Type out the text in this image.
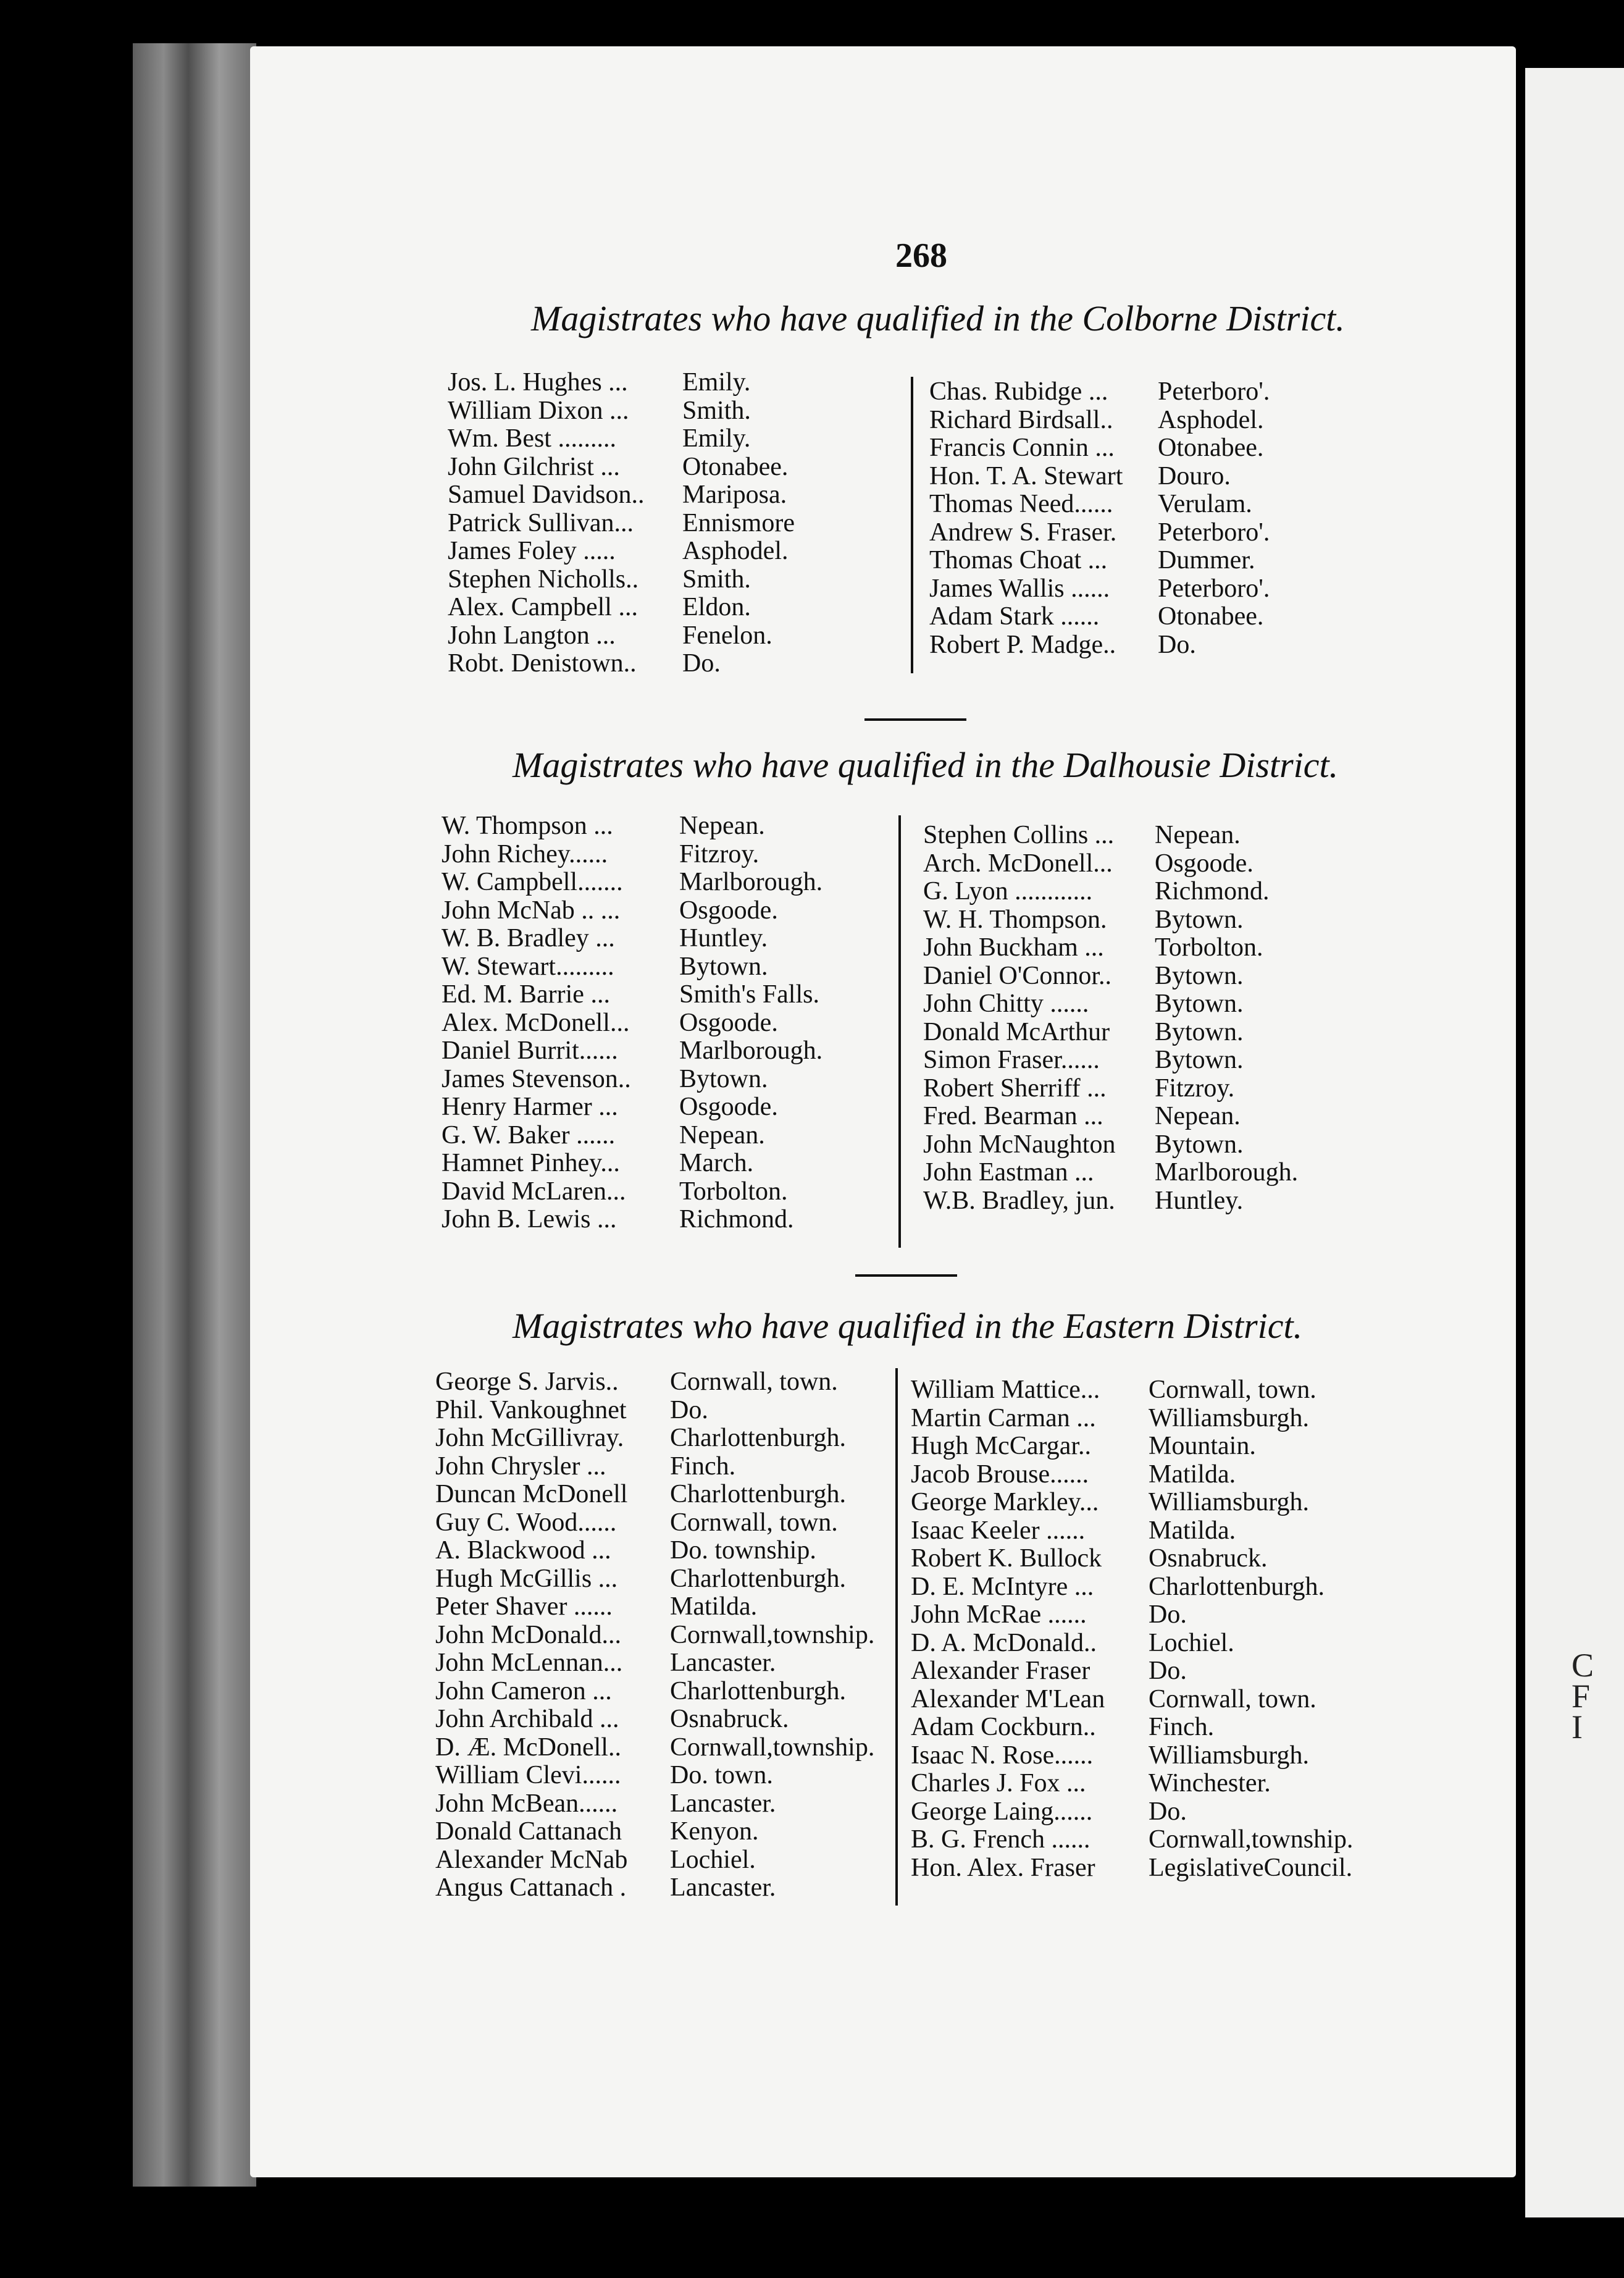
C
F
I
268
Magistrates who have qualified in the Colborne District.
Jos. L. Hughes ... Emily.
William Dixon ... Smith.
Wm. Best .........	Emily.
John Gilchrist ... Otonabee.
Samuel Davidson.. Mariposa.
Patrick Sullivan... Ennismore
James Foley .....	Asphodel.
Stephen Nicholls.. Smith.
Alex. Campbell ... Eldon.
John Langton ...	Fenelon.
Robt. Denistown.. Do.
Chas. Rubidge ... Peterboro'.
Richard Birdsall.. Asphodel.
Francis Connin ... Otonabee.
Hon. T. A. Stewart Douro.
Thomas Need...... Verulam.
Andrew S. Fraser. Peterboro'.
Thomas Choat ... Dummer.
James Wallis ...... Peterboro'.
Adam Stark ...... Otonabee.
Robert P. Madge.. Do.
Magistrates who have qualified in the Dalhousie District.
W. Thompson ...	Nepean.
John Richey......	Fitzroy.
W. Campbell....... Marlborough.
John McNab .. ... Osgoode.
W. B. Bradley ... Huntley.
W. Stewart.........	Bytown.
Ed. M. Barrie ...	Smith's Falls.
Alex. McDonell... Osgoode.
Daniel Burrit...... Marlborough.
James Stevenson.. Bytown.
Henry Harmer ... Osgoode.
G. W. Baker ...... Nepean.
Hamnet Pinhey... March.
David McLaren... Torbolton.
John B. Lewis ... Richmond.
Stephen Collins ... Nepean.
Arch. McDonell... Osgoode.
G. Lyon ............ Richmond.
W. H. Thompson. Bytown.
John Buckham ... Torbolton.
Daniel O'Connor.. Bytown.
John Chitty ......	Bytown.
Donald McArthur Bytown.
Simon Fraser...... Bytown.
Robert Sherriff ... Fitzroy.
Fred. Bearman ... Nepean.
John McNaughton Bytown.
John Eastman ... Marlborough.
W.B. Bradley, jun. Huntley.
Magistrates who have qualified in the Eastern District.
George S. Jarvis.. Cornwall, town.
Phil. Vankoughnet Do.
John McGillivray. Charlottenburgh.
John Chrysler ... Finch.
Duncan McDonell Charlottenburgh.
Guy C. Wood...... Cornwall, town.
A. Blackwood ... Do. township.
Hugh McGillis ... Charlottenburgh.
Peter Shaver ...... Matilda.
John McDonald... Cornwall,township.
John McLennan... Lancaster.
John Cameron ... Charlottenburgh.
John Archibald ... Osnabruck.
D. Æ. McDonell.. Cornwall,township.
William Clevi...... Do. town.
John McBean...... Lancaster.
Donald Cattanach Kenyon.
Alexander McNab Lochiel.
Angus Cattanach . Lancaster.
William Mattice... Cornwall, town.
Martin Carman ... Williamsburgh.
Hugh McCargar.. Mountain.
Jacob Brouse...... Matilda.
George Markley... Williamsburgh.
Isaac Keeler ...... Matilda.
Robert K. Bullock Osnabruck.
D. E. McIntyre ... Charlottenburgh.
John McRae ...... Do.
D. A. McDonald.. Lochiel.
Alexander Fraser Do.
Alexander M'Lean Cornwall, town.
Adam Cockburn.. Finch.
Isaac N. Rose...... Williamsburgh.
Charles J. Fox ... Winchester.
George Laing...... Do.
B. G. French ...... Cornwall,township.
Hon. Alex. Fraser LegislativeCouncil.
